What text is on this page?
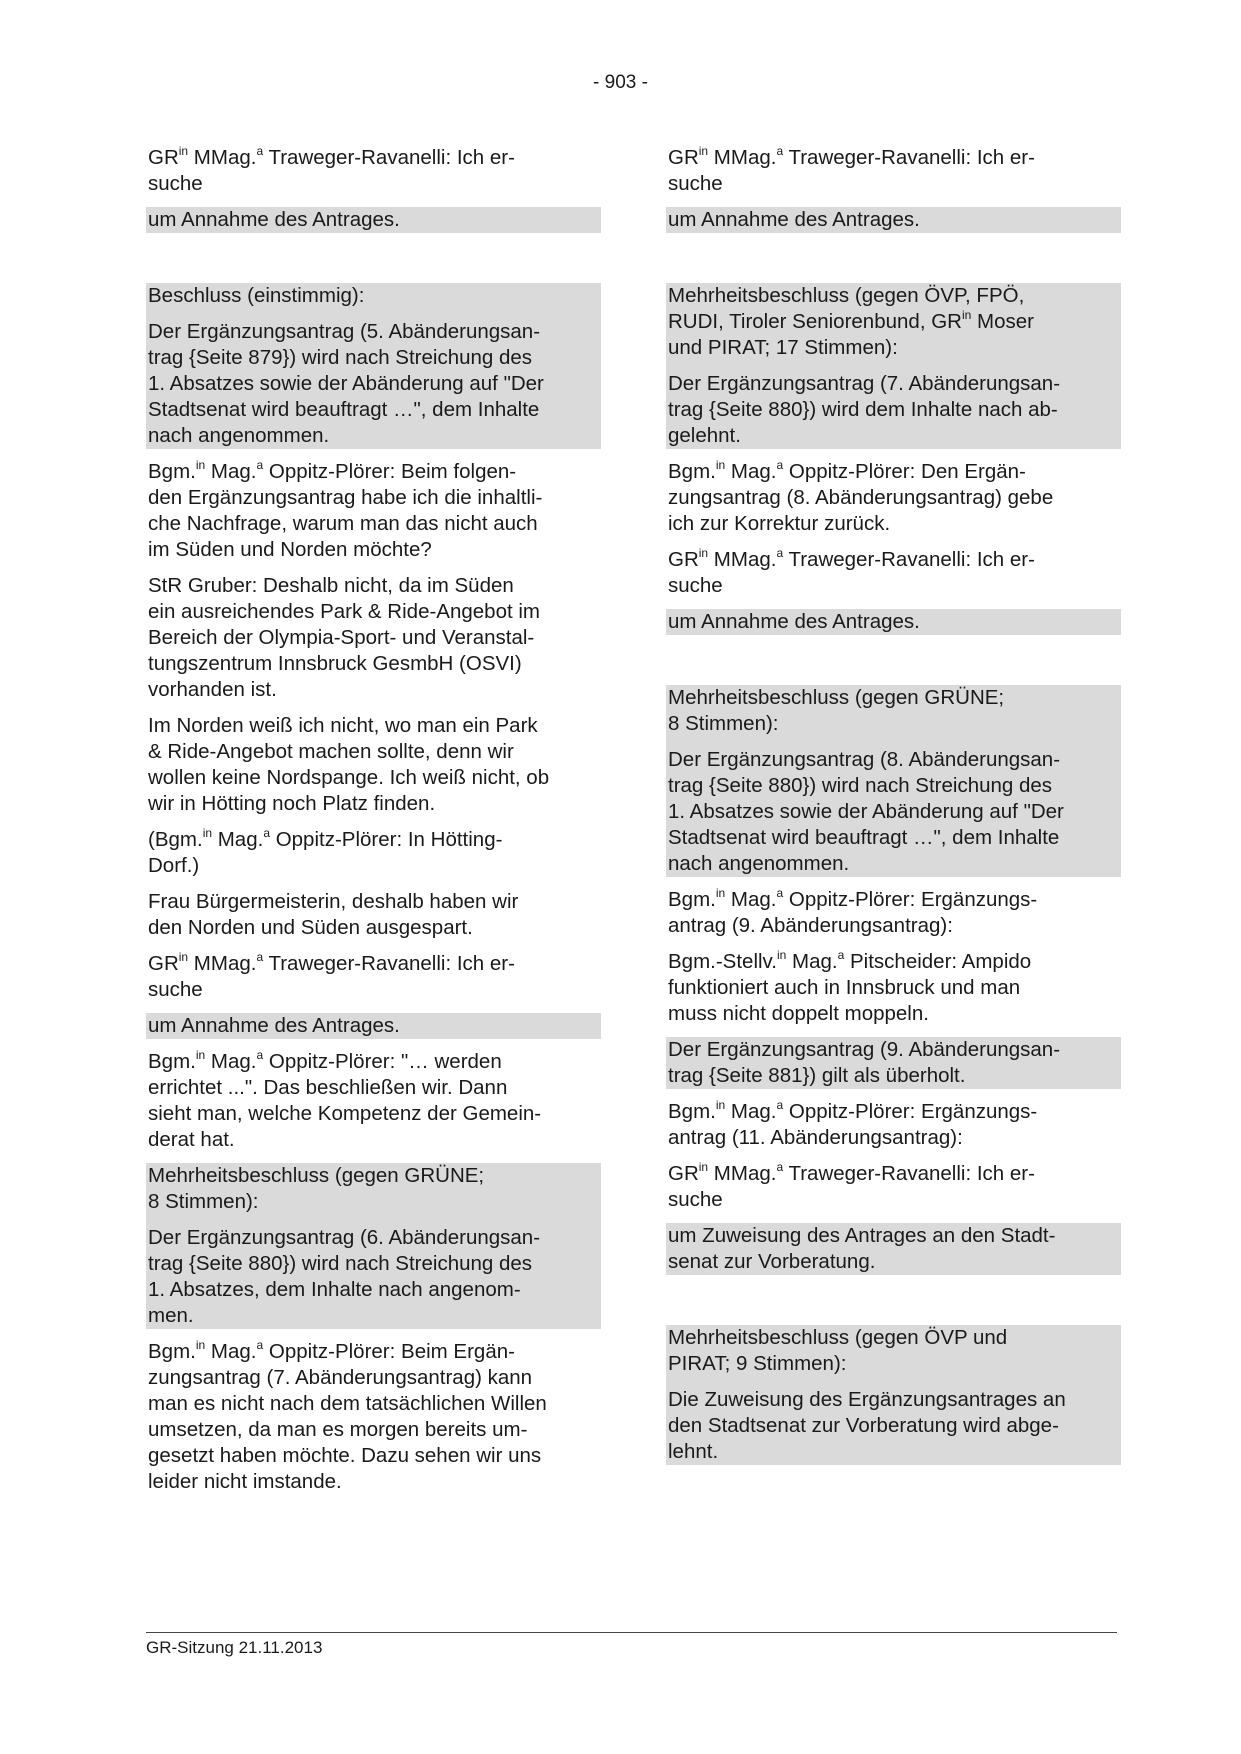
- 903 -
$GR^{in}$ MMag.$^a$ Traweger-Ravanelli: Ich er-
suche
um Annahme des Antrages.
Beschluss (einstimmig):
Der Ergänzungsantrag (5. Abänderungsan-
trag {Seite 879}) wird nach Streichung des
1. Absatzes sowie der Abänderung auf "Der
Stadtsenat wird beauftragt …", dem Inhalte
nach angenommen.
Bgm.$^{in}$ Mag.$^a$ Oppitz-Plörer: Beim folgen-
den Ergänzungsantrag habe ich die inhaltli-
che Nachfrage, warum man das nicht auch
im Süden und Norden möchte?
StR Gruber: Deshalb nicht, da im Süden
ein ausreichendes Park & Ride-Angebot im
Bereich der Olympia-Sport- und Veranstal-
tungszentrum Innsbruck GesmbH (OSVI)
vorhanden ist.
Im Norden weiß ich nicht, wo man ein Park
& Ride-Angebot machen sollte, denn wir
wollen keine Nordspange. Ich weiß nicht, ob
wir in Hötting noch Platz finden.
(Bgm.$^{in}$ Mag.$^a$ Oppitz-Plörer: In Hötting-
Dorf.)
Frau Bürgermeisterin, deshalb haben wir
den Norden und Süden ausgespart.
$GR^{in}$ MMag.$^a$ Traweger-Ravanelli: Ich er-
suche
um Annahme des Antrages.
Bgm.$^{in}$ Mag.$^a$ Oppitz-Plörer: "… werden
errichtet ...". Das beschließen wir. Dann
sieht man, welche Kompetenz der Gemein-
derat hat.
Mehrheitsbeschluss (gegen GRÜNE;
8 Stimmen):
Der Ergänzungsantrag (6. Abänderungsan-
trag {Seite 880}) wird nach Streichung des
1. Absatzes, dem Inhalte nach angenom-
men.
Bgm.$^{in}$ Mag.$^a$ Oppitz-Plörer: Beim Ergän-
zungsantrag (7. Abänderungsantrag) kann
man es nicht nach dem tatsächlichen Willen
umsetzen, da man es morgen bereits um-
gesetzt haben möchte. Dazu sehen wir uns
leider nicht imstande.
$GR^{in}$ MMag.$^a$ Traweger-Ravanelli: Ich er-
suche
um Annahme des Antrages.
Mehrheitsbeschluss (gegen ÖVP, FPÖ,
RUDI, Tiroler Seniorenbund, $GR^{in}$ Moser
und PIRAT; 17 Stimmen):
Der Ergänzungsantrag (7. Abänderungsan-
trag {Seite 880}) wird dem Inhalte nach ab-
gelehnt.
Bgm.$^{in}$ Mag.$^a$ Oppitz-Plörer: Den Ergän-
zungsantrag (8. Abänderungsantrag) gebe
ich zur Korrektur zurück.
$GR^{in}$ MMag.$^a$ Traweger-Ravanelli: Ich er-
suche
um Annahme des Antrages.
Mehrheitsbeschluss (gegen GRÜNE;
8 Stimmen):
Der Ergänzungsantrag (8. Abänderungsan-
trag {Seite 880}) wird nach Streichung des
1. Absatzes sowie der Abänderung auf "Der
Stadtsenat wird beauftragt …", dem Inhalte
nach angenommen.
Bgm.$^{in}$ Mag.$^a$ Oppitz-Plörer: Ergänzungs-
antrag (9. Abänderungsantrag):
Bgm.-Stellv.$^{in}$ Mag.$^a$ Pitscheider: Ampido
funktioniert auch in Innsbruck und man
muss nicht doppelt moppeln.
Der Ergänzungsantrag (9. Abänderungsan-
trag {Seite 881}) gilt als überholt.
Bgm.$^{in}$ Mag.$^a$ Oppitz-Plörer: Ergänzungs-
antrag (11. Abänderungsantrag):
$GR^{in}$ MMag.$^a$ Traweger-Ravanelli: Ich er-
suche
um Zuweisung des Antrages an den Stadt-
senat zur Vorberatung.
Mehrheitsbeschluss (gegen ÖVP und
PIRAT; 9 Stimmen):
Die Zuweisung des Ergänzungsantrages an
den Stadtsenat zur Vorberatung wird abge-
lehnt.
GR-Sitzung 21.11.2013
